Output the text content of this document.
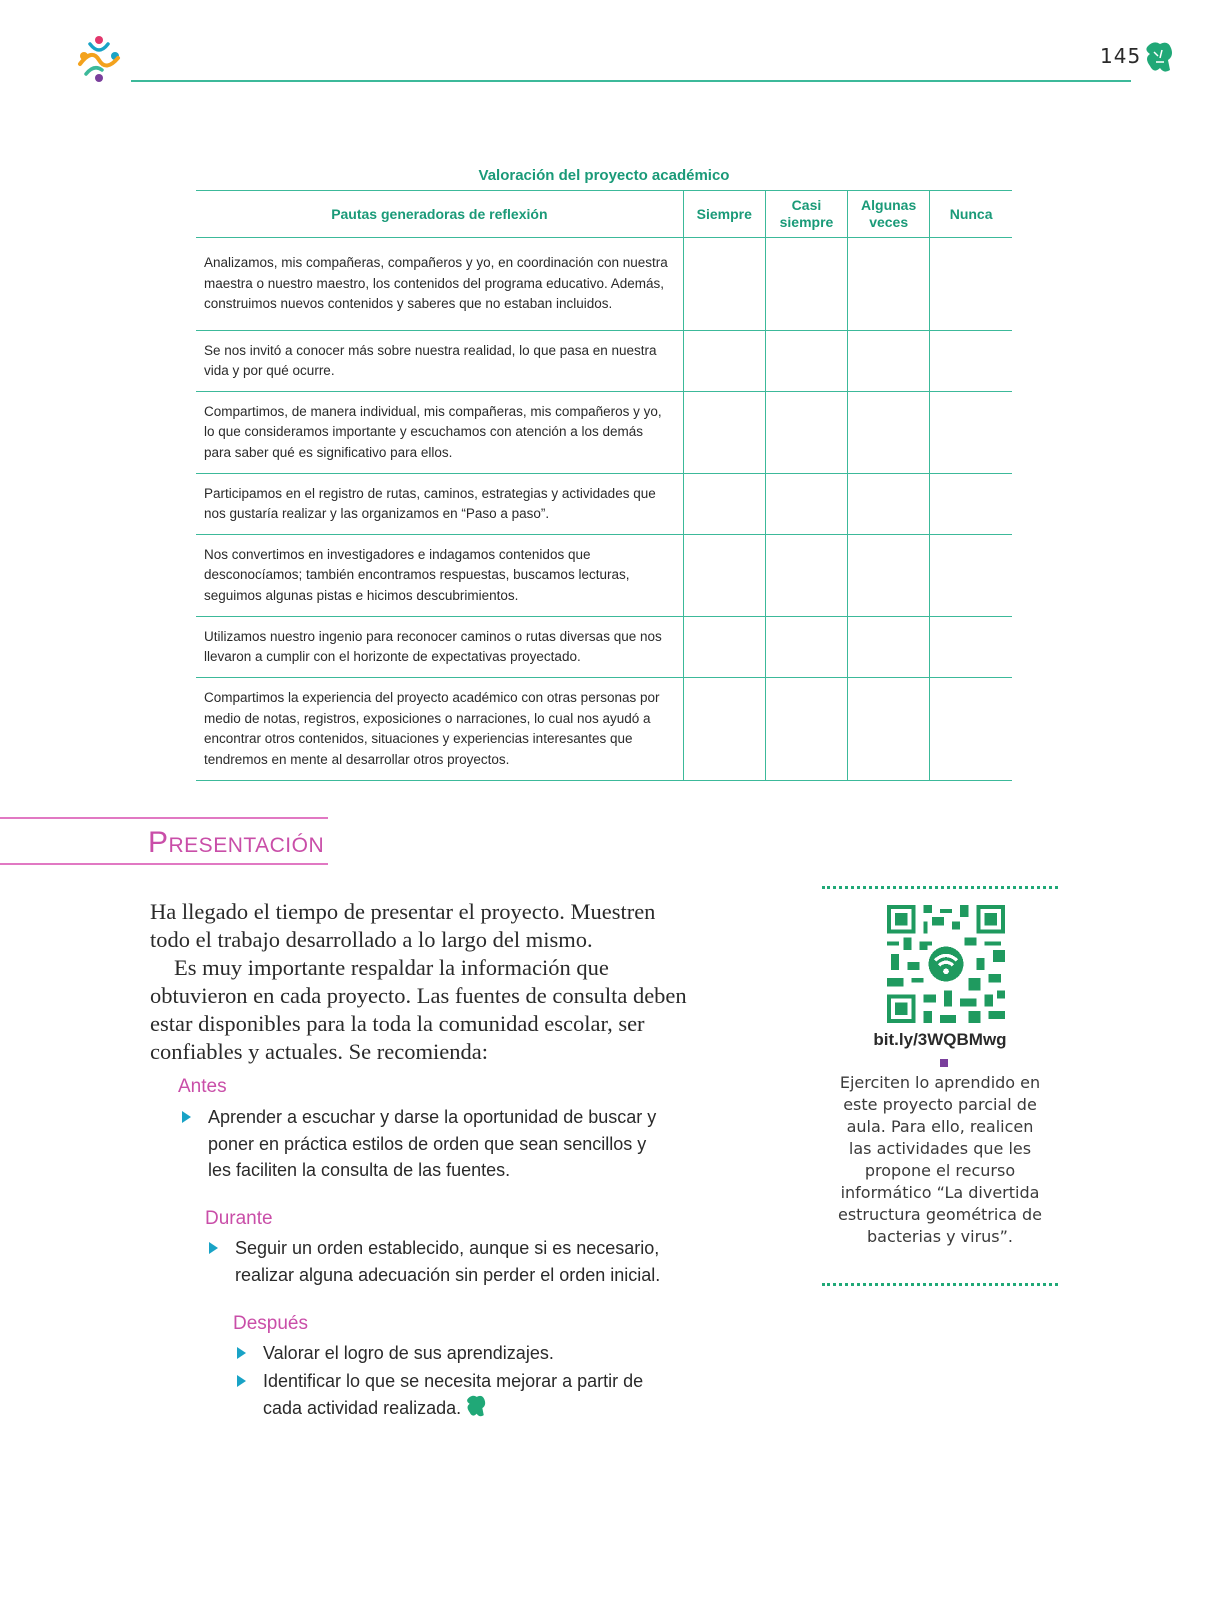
145
Valoración del proyecto académico
Pautas generadoras de reflexión	Siempre	Casi siempre	Algunas veces	Nunca
Analizamos, mis compañeras, compañeros y yo, en coordinación con nuestra maestra o nuestro maestro, los contenidos del programa educativo. Además, construimos nuevos contenidos y saberes que no estaban incluidos.				
Se nos invitó a conocer más sobre nuestra realidad, lo que pasa en nuestra vida y por qué ocurre.				
Compartimos, de manera individual, mis compañeras, mis compañeros y yo, lo que consideramos importante y escuchamos con atención a los demás para saber qué es significativo para ellos.				
Participamos en el registro de rutas, caminos, estrategias y actividades que nos gustaría realizar y las organizamos en “Paso a paso”.				
Nos convertimos en investigadores e indagamos contenidos que desconocíamos; también encontramos respuestas, buscamos lecturas, seguimos algunas pistas e hicimos descubrimientos.				
Utilizamos nuestro ingenio para reconocer caminos o rutas diversas que nos llevaron a cumplir con el horizonte de expectativas proyectado.				
Compartimos la experiencia del proyecto académico con otras personas por medio de notas, registros, exposiciones o narraciones, lo cual nos ayudó a encontrar otros contenidos, situaciones y experiencias interesantes que tendremos en mente al desarrollar otros proyectos.				
Presentación

Ha llegado el tiempo de presentar el proyecto. Muestren todo el trabajo desarrollado a lo largo del mismo.

Es muy importante respaldar la información que obtuvieron en cada proyecto. Las fuentes de consulta deben estar disponibles para la toda la comunidad escolar, ser confiables y actuales. Se recomienda:

Antes
Aprender a escuchar y darse la oportunidad de buscar y poner en práctica estilos de orden que sean sencillos y les faciliten la consulta de las fuentes.
Durante
Seguir un orden establecido, aunque si es necesario, realizar alguna adecuación sin perder el orden inicial.
Después
Valorar el logro de sus aprendizajes.
Identificar lo que se necesita mejorar a partir de cada actividad realizada.
bit.ly/3WQBMwg
Ejerciten lo aprendido en este proyecto parcial de aula. Para ello, realicen las actividades que les propone el recurso informático “La divertida estructura geométrica de bacterias y virus”.
